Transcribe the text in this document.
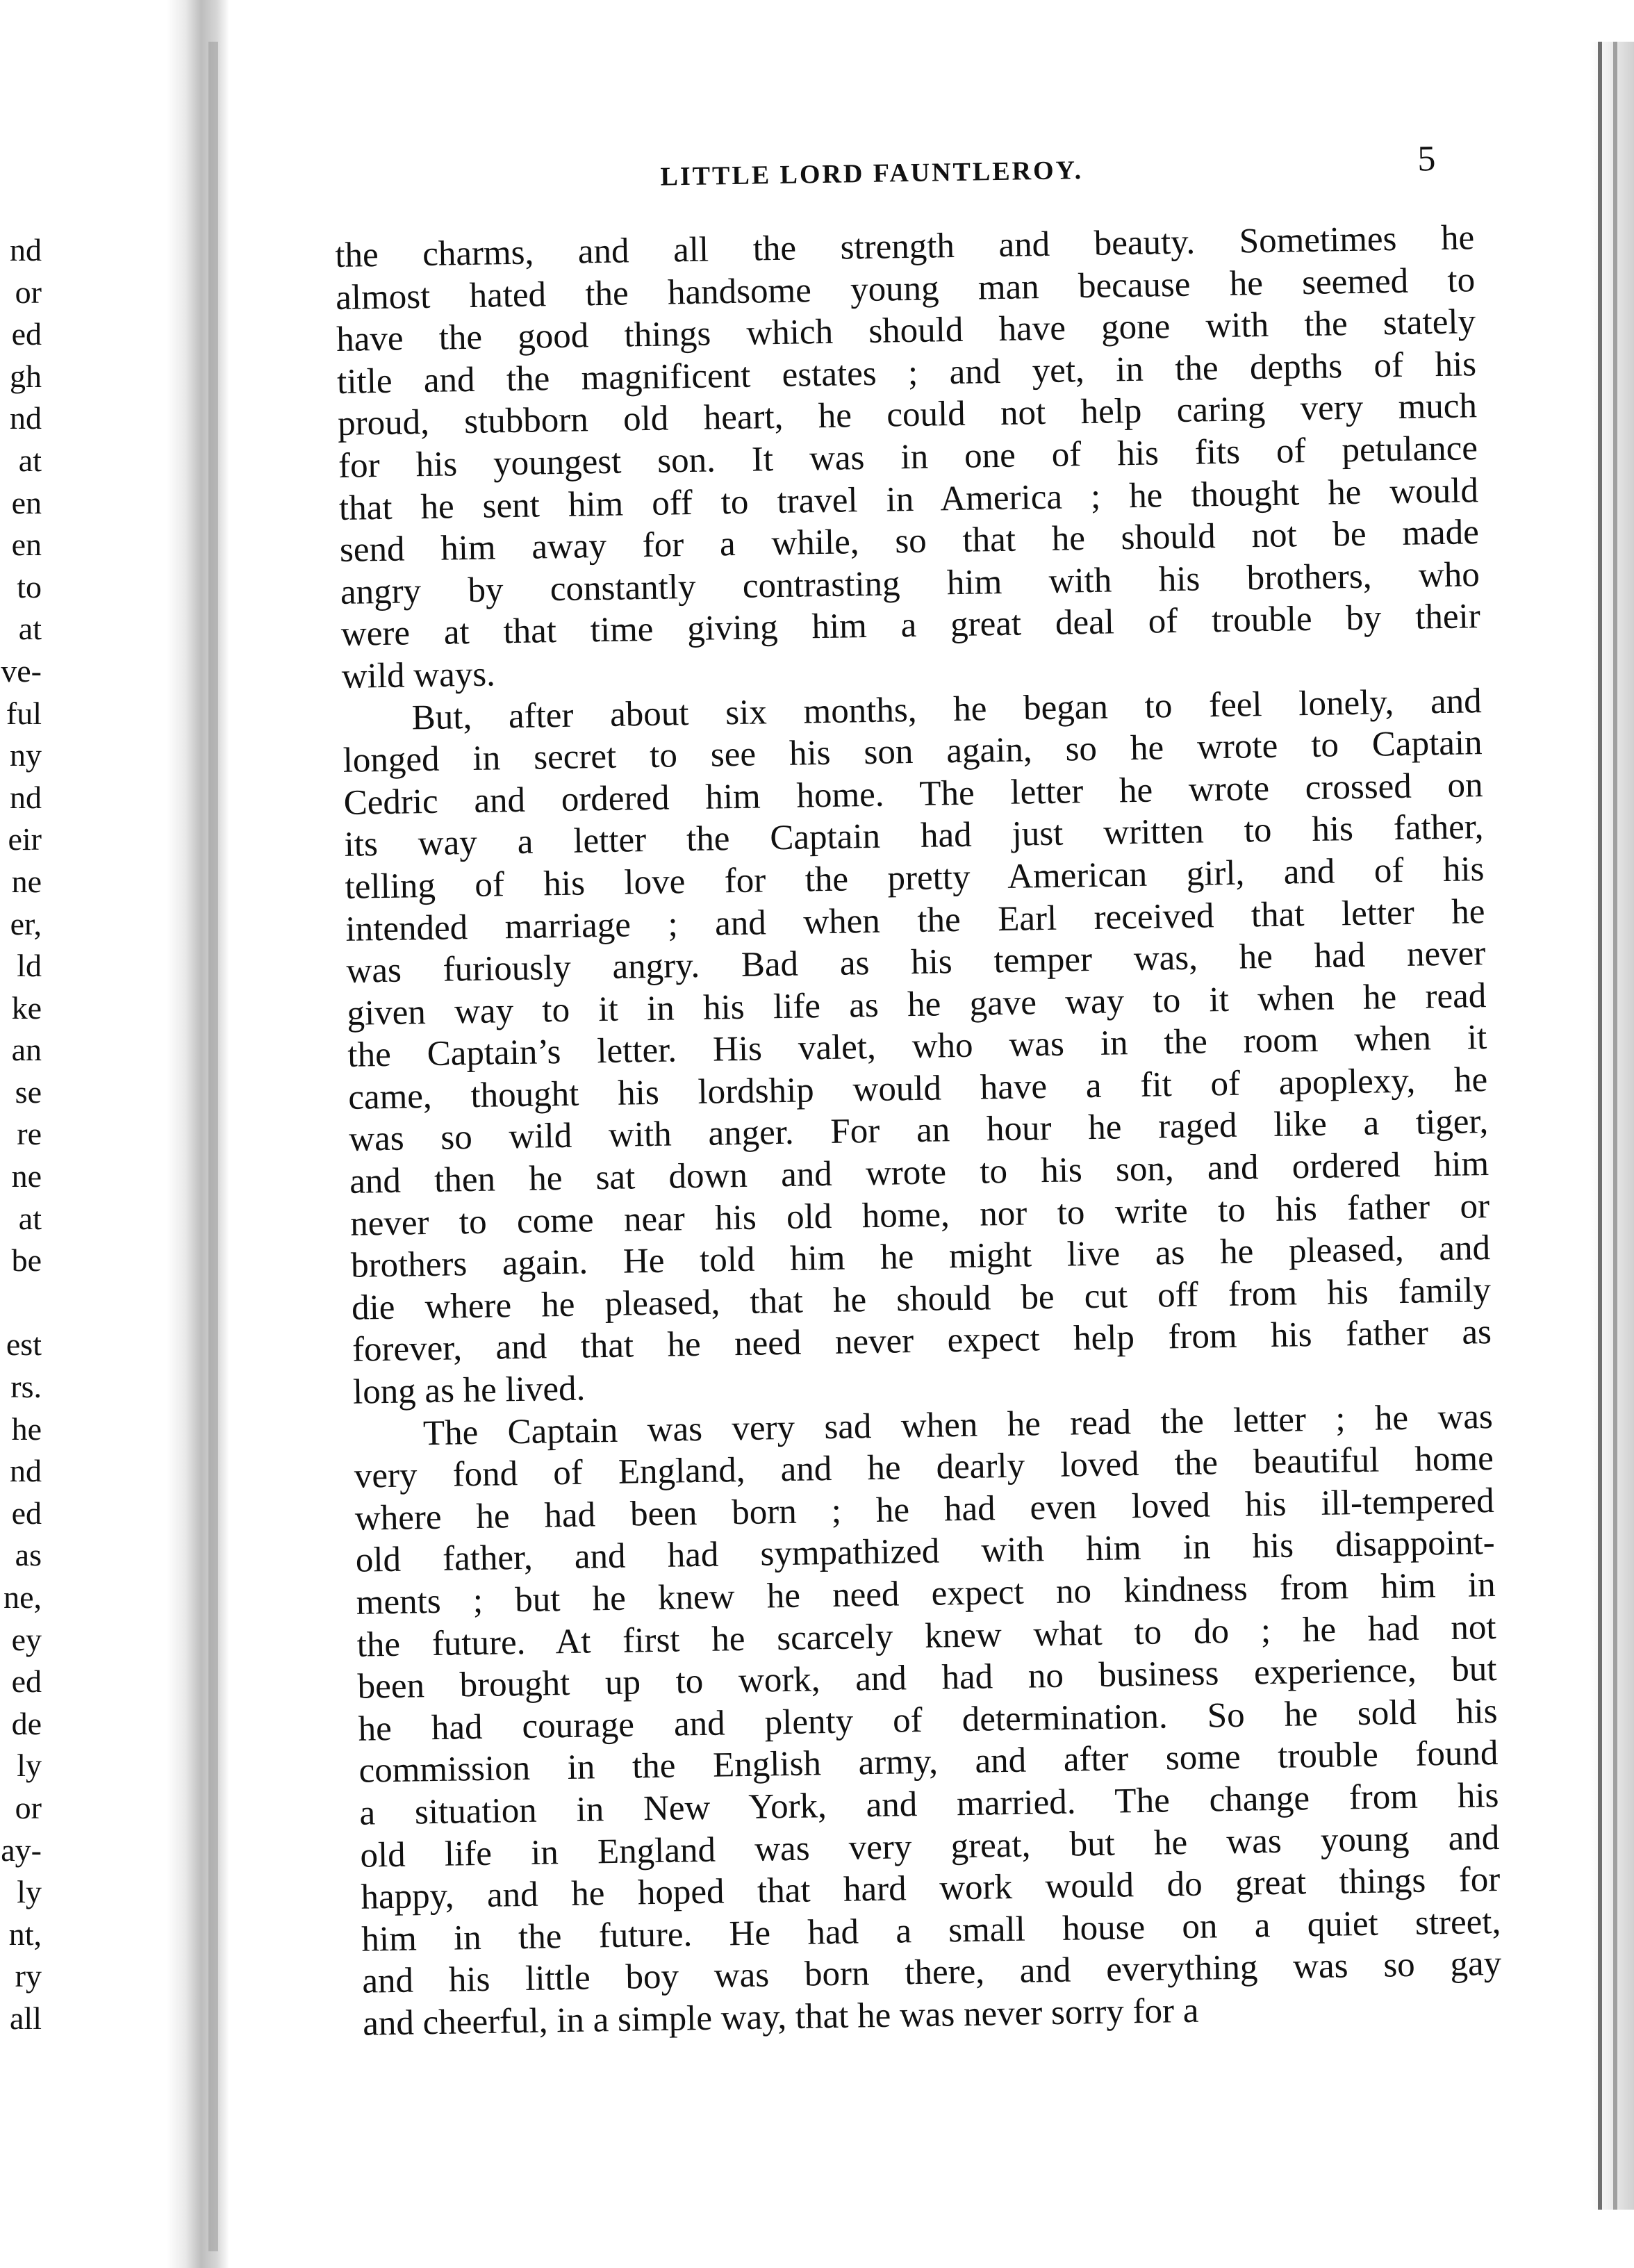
nd
or
ed
gh
nd
at
en
en
to
at
ve-
ful
ny
nd
eir
ne
er,
ld
ke
an
se
re
ne
at
be

est
rs.
he
nd
ed
as
ne,
ey
ed
de
ly
or
ay-
ly
nt,
ry
all
LITTLE LORD FAUNTLEROY.	5
the charms, and all the strength and beauty. Sometimes he
almost hated the handsome young man because he seemed to
have the good things which should have gone with the stately
title and the magnificent estates ; and yet, in the depths of his
proud, stubborn old heart, he could not help caring very much
for his youngest son. It was in one of his fits of petulance
that he sent him off to travel in America ; he thought he would
send him away for a while, so that he should not be made
angry by constantly contrasting him with his brothers, who
were at that time giving him a great deal of trouble by their
wild ways.
But, after about six months, he began to feel lonely, and
longed in secret to see his son again, so he wrote to Captain
Cedric and ordered him home. The letter he wrote crossed on
its way a letter the Captain had just written to his father,
telling of his love for the pretty American girl, and of his
intended marriage ; and when the Earl received that letter he
was furiously angry. Bad as his temper was, he had never
given way to it in his life as he gave way to it when he read
the Captain’s letter. His valet, who was in the room when it
came, thought his lordship would have a fit of apoplexy, he
was so wild with anger. For an hour he raged like a tiger,
and then he sat down and wrote to his son, and ordered him
never to come near his old home, nor to write to his father or
brothers again. He told him he might live as he pleased, and
die where he pleased, that he should be cut off from his family
forever, and that he need never expect help from his father as
long as he lived.
The Captain was very sad when he read the letter ; he was
very fond of England, and he dearly loved the beautiful home
where he had been born ; he had even loved his ill-tempered
old father, and had sympathized with him in his disappoint-
ments ; but he knew he need expect no kindness from him in
the future. At first he scarcely knew what to do ; he had not
been brought up to work, and had no business experience, but
he had courage and plenty of determination. So he sold his
commission in the English army, and after some trouble found
a situation in New York, and married. The change from his
old life in England was very great, but he was young and
happy, and he hoped that hard work would do great things for
him in the future. He had a small house on a quiet street,
and his little boy was born there, and everything was so gay
and cheerful, in a simple way, that he was never sorry for a
